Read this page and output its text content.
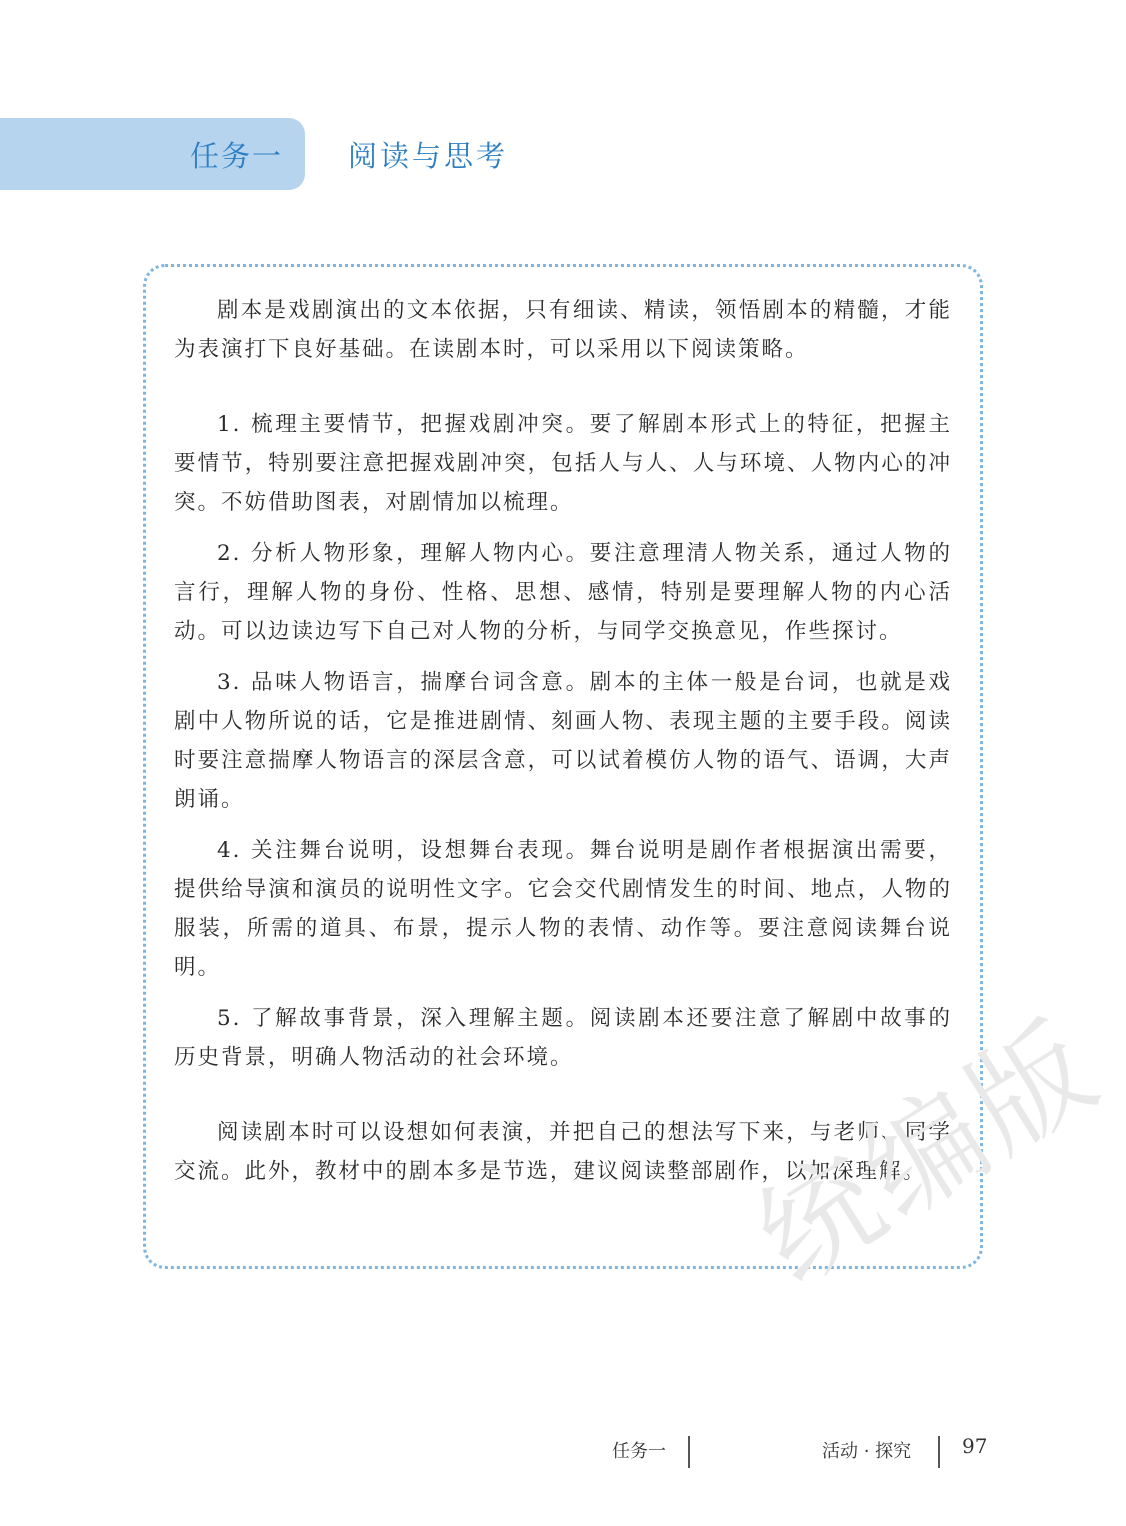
任务一 阅读与思考

剧本是戏剧演出的文本依据，只有细读、精读，领悟剧本的精髓，才能为表演打下良好基础。在读剧本时，可以采用以下阅读策略。

1. 梳理主要情节，把握戏剧冲突。要了解剧本形式上的特征，把握主要情节，特别要注意把握戏剧冲突，包括人与人、人与环境、人物内心的冲突。不妨借助图表，对剧情加以梳理。

2. 分析人物形象，理解人物内心。要注意理清人物关系，通过人物的言行，理解人物的身份、性格、思想、感情，特别是要理解人物的内心活动。可以边读边写下自己对人物的分析，与同学交换意见，作些探讨。

3. 品味人物语言，揣摩台词含意。剧本的主体一般是台词，也就是戏剧中人物所说的话，它是推进剧情、刻画人物、表现主题的主要手段。阅读时要注意揣摩人物语言的深层含意，可以试着模仿人物的语气、语调，大声朗诵。

4. 关注舞台说明，设想舞台表现。舞台说明是剧作者根据演出需要，提供给导演和演员的说明性文字。它会交代剧情发生的时间、地点，人物的服装，所需的道具、布景，提示人物的表情、动作等。要注意阅读舞台说明。

5. 了解故事背景，深入理解主题。阅读剧本还要注意了解剧中故事的历史背景，明确人物活动的社会环境。

阅读剧本时可以设想如何表演，并把自己的想法写下来，与老师、同学交流。此外，教材中的剧本多是节选，建议阅读整部剧作，以加深理解。

统编版
任务一	活动 · 探究	97
